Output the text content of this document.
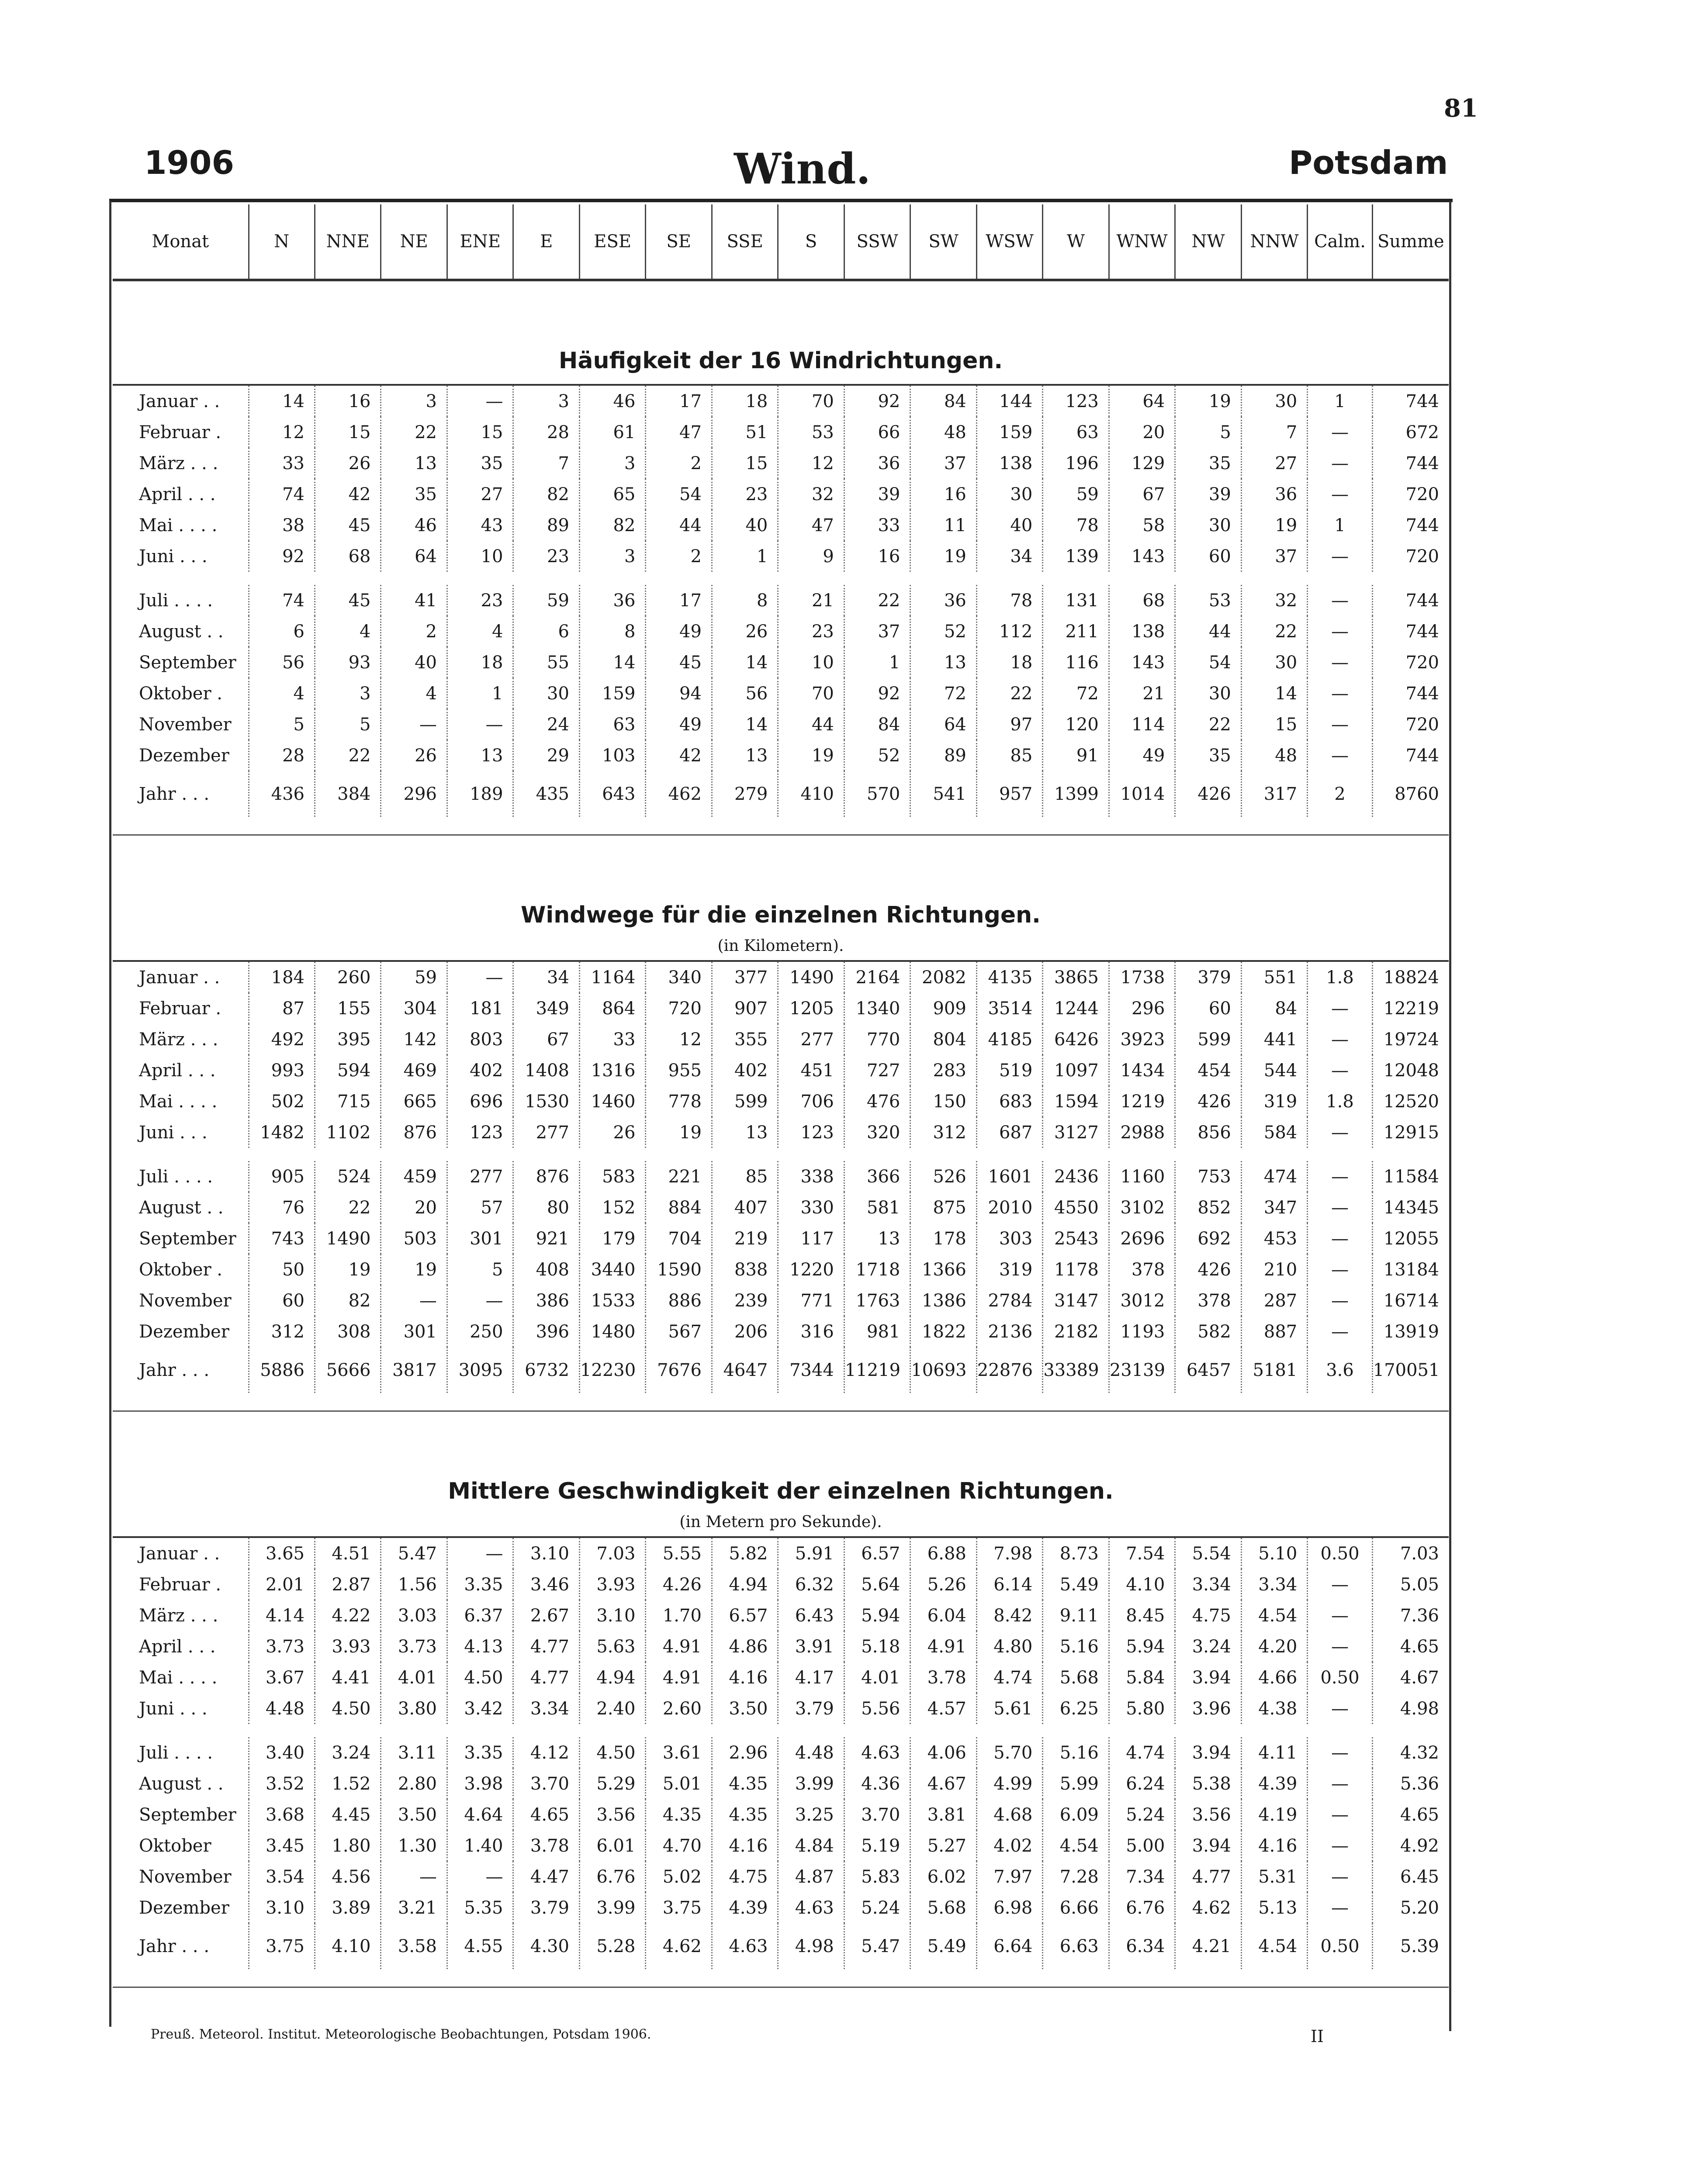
81
1906	Wind.	Potsdam
Monat	N	NNE	NE	ENE	E	ESE	SE	SSE	S	SSW	SW	WSW	W	WNW	NW	NNW	Calm.	Summe

Häufigkeit der 16 Windrichtungen.																		

Januar . .	14	16	3	—	3	46	17	18	70	92	84	144	123	64	19	30	1	744
Februar .	12	15	22	15	28	61	47	51	53	66	48	159	63	20	5	7	—	672
März . . .	33	26	13	35	7	3	2	15	12	36	37	138	196	129	35	27	—	744
April . . .	74	42	35	27	82	65	54	23	32	39	16	30	59	67	39	36	—	720
Mai . . . .	38	45	46	43	89	82	44	40	47	33	11	40	78	58	30	19	1	744
Juni . . .	92	68	64	10	23	3	2	1	9	16	19	34	139	143	60	37	—	720

Juli . . . .	74	45	41	23	59	36	17	8	21	22	36	78	131	68	53	32	—	744
August . .	6	4	2	4	6	8	49	26	23	37	52	112	211	138	44	22	—	744
September	56	93	40	18	55	14	45	14	10	1	13	18	116	143	54	30	—	720
Oktober .	4	3	4	1	30	159	94	56	70	92	72	22	72	21	30	14	—	744
November	5	5	—	—	24	63	49	14	44	84	64	97	120	114	22	15	—	720
Dezember	28	22	26	13	29	103	42	13	19	52	89	85	91	49	35	48	—	744
Jahr . . .	436	384	296	189	435	643	462	279	410	570	541	957	1399	1014	426	317	2	8760

Windwege für die einzelnen Richtungen.																		
(in Kilometern).																		

Januar . .	184	260	59	—	34	1164	340	377	1490	2164	2082	4135	3865	1738	379	551	1.8	18824
Februar .	87	155	304	181	349	864	720	907	1205	1340	909	3514	1244	296	60	84	—	12219
März . . .	492	395	142	803	67	33	12	355	277	770	804	4185	6426	3923	599	441	—	19724
April . . .	993	594	469	402	1408	1316	955	402	451	727	283	519	1097	1434	454	544	—	12048
Mai . . . .	502	715	665	696	1530	1460	778	599	706	476	150	683	1594	1219	426	319	1.8	12520
Juni . . .	1482	1102	876	123	277	26	19	13	123	320	312	687	3127	2988	856	584	—	12915

Juli . . . .	905	524	459	277	876	583	221	85	338	366	526	1601	2436	1160	753	474	—	11584
August . .	76	22	20	57	80	152	884	407	330	581	875	2010	4550	3102	852	347	—	14345
September	743	1490	503	301	921	179	704	219	117	13	178	303	2543	2696	692	453	—	12055
Oktober .	50	19	19	5	408	3440	1590	838	1220	1718	1366	319	1178	378	426	210	—	13184
November	60	82	—	—	386	1533	886	239	771	1763	1386	2784	3147	3012	378	287	—	16714
Dezember	312	308	301	250	396	1480	567	206	316	981	1822	2136	2182	1193	582	887	—	13919
Jahr . . .	5886	5666	3817	3095	6732	12230	7676	4647	7344	11219	10693	22876	33389	23139	6457	5181	3.6	170051

Mittlere Geschwindigkeit der einzelnen Richtungen.																		
(in Metern pro Sekunde).																		

Januar . .	3.65	4.51	5.47	—	3.10	7.03	5.55	5.82	5.91	6.57	6.88	7.98	8.73	7.54	5.54	5.10	0.50	7.03
Februar .	2.01	2.87	1.56	3.35	3.46	3.93	4.26	4.94	6.32	5.64	5.26	6.14	5.49	4.10	3.34	3.34	—	5.05
März . . .	4.14	4.22	3.03	6.37	2.67	3.10	1.70	6.57	6.43	5.94	6.04	8.42	9.11	8.45	4.75	4.54	—	7.36
April . . .	3.73	3.93	3.73	4.13	4.77	5.63	4.91	4.86	3.91	5.18	4.91	4.80	5.16	5.94	3.24	4.20	—	4.65
Mai . . . .	3.67	4.41	4.01	4.50	4.77	4.94	4.91	4.16	4.17	4.01	3.78	4.74	5.68	5.84	3.94	4.66	0.50	4.67
Juni . . .	4.48	4.50	3.80	3.42	3.34	2.40	2.60	3.50	3.79	5.56	4.57	5.61	6.25	5.80	3.96	4.38	—	4.98

Juli . . . .	3.40	3.24	3.11	3.35	4.12	4.50	3.61	2.96	4.48	4.63	4.06	5.70	5.16	4.74	3.94	4.11	—	4.32
August . .	3.52	1.52	2.80	3.98	3.70	5.29	5.01	4.35	3.99	4.36	4.67	4.99	5.99	6.24	5.38	4.39	—	5.36
September	3.68	4.45	3.50	4.64	4.65	3.56	4.35	4.35	3.25	3.70	3.81	4.68	6.09	5.24	3.56	4.19	—	4.65
Oktober	3.45	1.80	1.30	1.40	3.78	6.01	4.70	4.16	4.84	5.19	5.27	4.02	4.54	5.00	3.94	4.16	—	4.92
November	3.54	4.56	—	—	4.47	6.76	5.02	4.75	4.87	5.83	6.02	7.97	7.28	7.34	4.77	5.31	—	6.45
Dezember	3.10	3.89	3.21	5.35	3.79	3.99	3.75	4.39	4.63	5.24	5.68	6.98	6.66	6.76	4.62	5.13	—	5.20
Jahr . . .	3.75	4.10	3.58	4.55	4.30	5.28	4.62	4.63	4.98	5.47	5.49	6.64	6.63	6.34	4.21	4.54	0.50	5.39

Preuß. Meteorol. Institut. Meteorologische Beobachtungen, Potsdam 1906.	II
